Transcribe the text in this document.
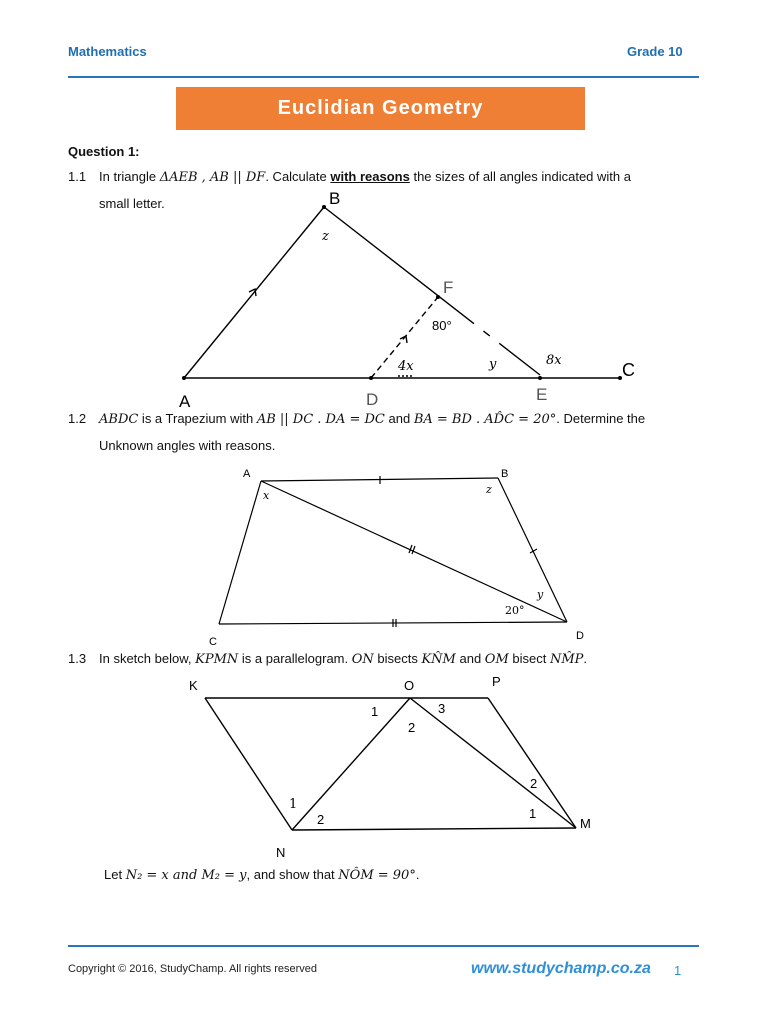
Mathematics	Grade 10
Euclidian Geometry
Question 1:
1.1 In triangle ΔAEB , AB || DF. Calculate with reasons the sizes of all angles indicated with a
small letter.
1.2 ABDC is a Trapezium with AB || DC . DA = DC and BA = BD . AD̂C = 20°. Determine the
Unknown angles with reasons.
1.3 In sketch below, KPMN is a parallelogram. ON bisects KN̂M and OM bisect NM̂P.
Let N₂ = x and M₂ = y, and show that NÔM = 90°.
B
A
F
D	E
C
z
80°
4x	y	8x
A	B
C	D
x	z
y
20°
K	O	P
N
M
1
2
3
1
2	1
2
Copyright © 2016, StudyChamp. All rights reserved	www.studychamp.co.za 1
